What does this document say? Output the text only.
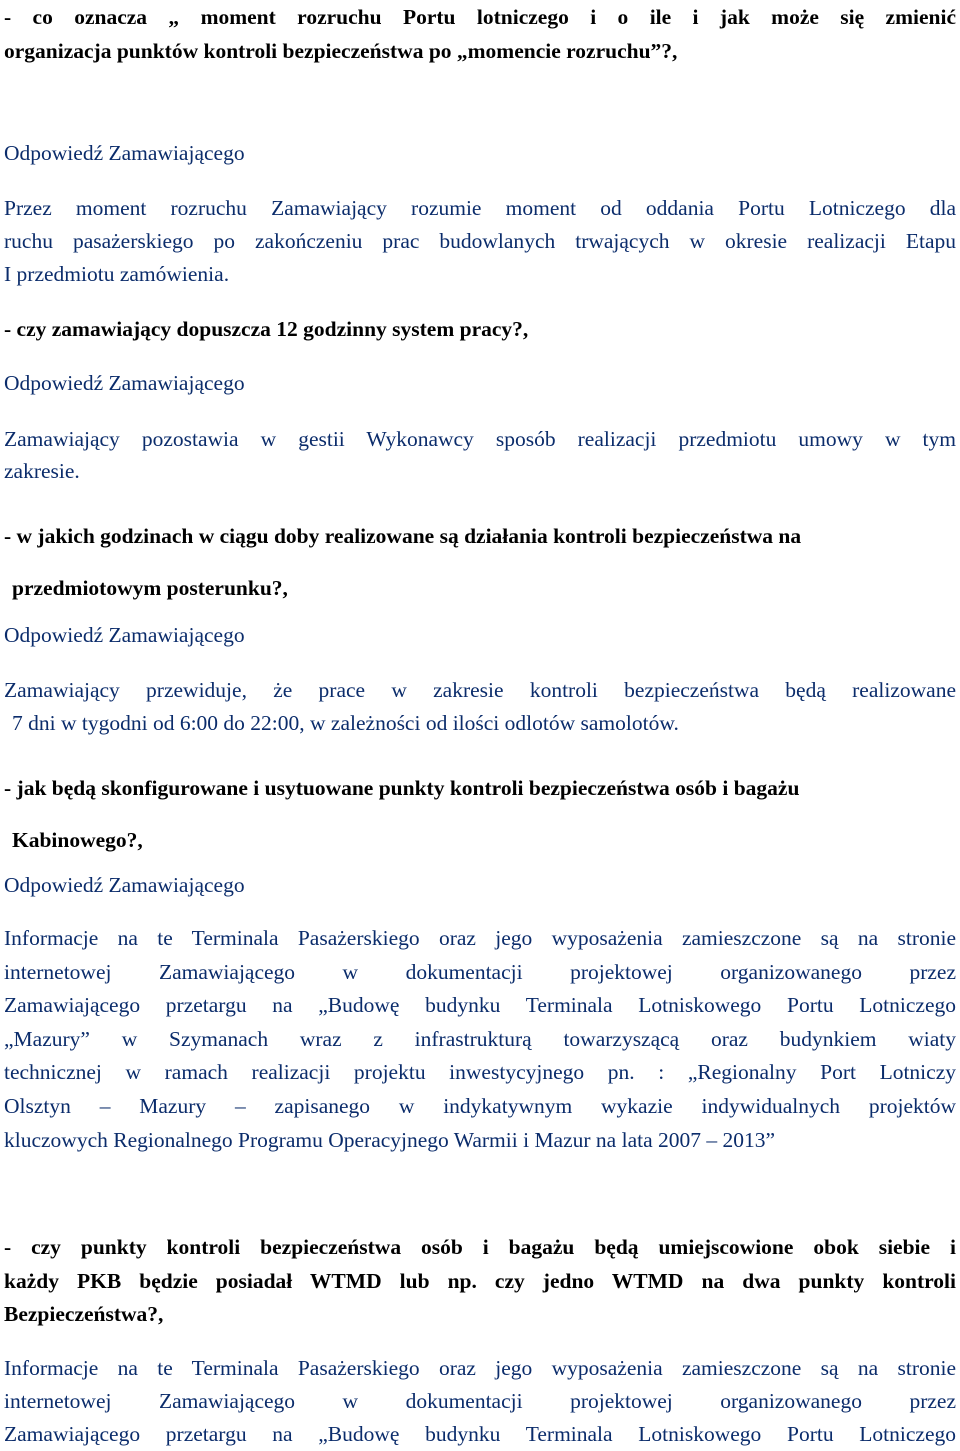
- co oznacza „ moment rozruchu Portu lotniczego i o ile i jak może się zmienić
organizacja punktów kontroli bezpieczeństwa po „momencie rozruchu”?,
Odpowiedź Zamawiającego
Przez moment rozruchu Zamawiający rozumie moment od oddania Portu Lotniczego dla
ruchu pasażerskiego po zakończeniu prac budowlanych trwających w okresie realizacji Etapu
I przedmiotu zamówienia.
- czy zamawiający dopuszcza 12 godzinny system pracy?,
Odpowiedź Zamawiającego
Zamawiający pozostawia w gestii Wykonawcy sposób realizacji przedmiotu umowy w tym
zakresie.
- w jakich godzinach w ciągu doby realizowane są działania kontroli bezpieczeństwa na
przedmiotowym posterunku?,
Odpowiedź Zamawiającego
Zamawiający przewiduje, że prace w zakresie kontroli bezpieczeństwa będą realizowane
7 dni w tygodni od 6:00 do 22:00, w zależności od ilości odlotów samolotów.
- jak będą skonfigurowane i usytuowane punkty kontroli bezpieczeństwa osób i bagażu
Kabinowego?,
Odpowiedź Zamawiającego
Informacje na te Terminala Pasażerskiego oraz jego wyposażenia zamieszczone są na stronie
internetowej Zamawiającego w dokumentacji projektowej organizowanego przez
Zamawiającego przetargu na „Budowę budynku Terminala Lotniskowego Portu Lotniczego
„Mazury” w Szymanach wraz z infrastrukturą towarzyszącą oraz budynkiem wiaty
technicznej w ramach realizacji projektu inwestycyjnego pn. : „Regionalny Port Lotniczy
Olsztyn – Mazury – zapisanego w indykatywnym wykazie indywidualnych projektów
kluczowych Regionalnego Programu Operacyjnego Warmii i Mazur na lata 2007 – 2013”
- czy punkty kontroli bezpieczeństwa osób i bagażu będą umiejscowione obok siebie i
każdy PKB będzie posiadał WTMD lub np. czy jedno WTMD na dwa punkty kontroli
Bezpieczeństwa?,
Informacje na te Terminala Pasażerskiego oraz jego wyposażenia zamieszczone są na stronie
internetowej Zamawiającego w dokumentacji projektowej organizowanego przez
Zamawiającego przetargu na „Budowę budynku Terminala Lotniskowego Portu Lotniczego
